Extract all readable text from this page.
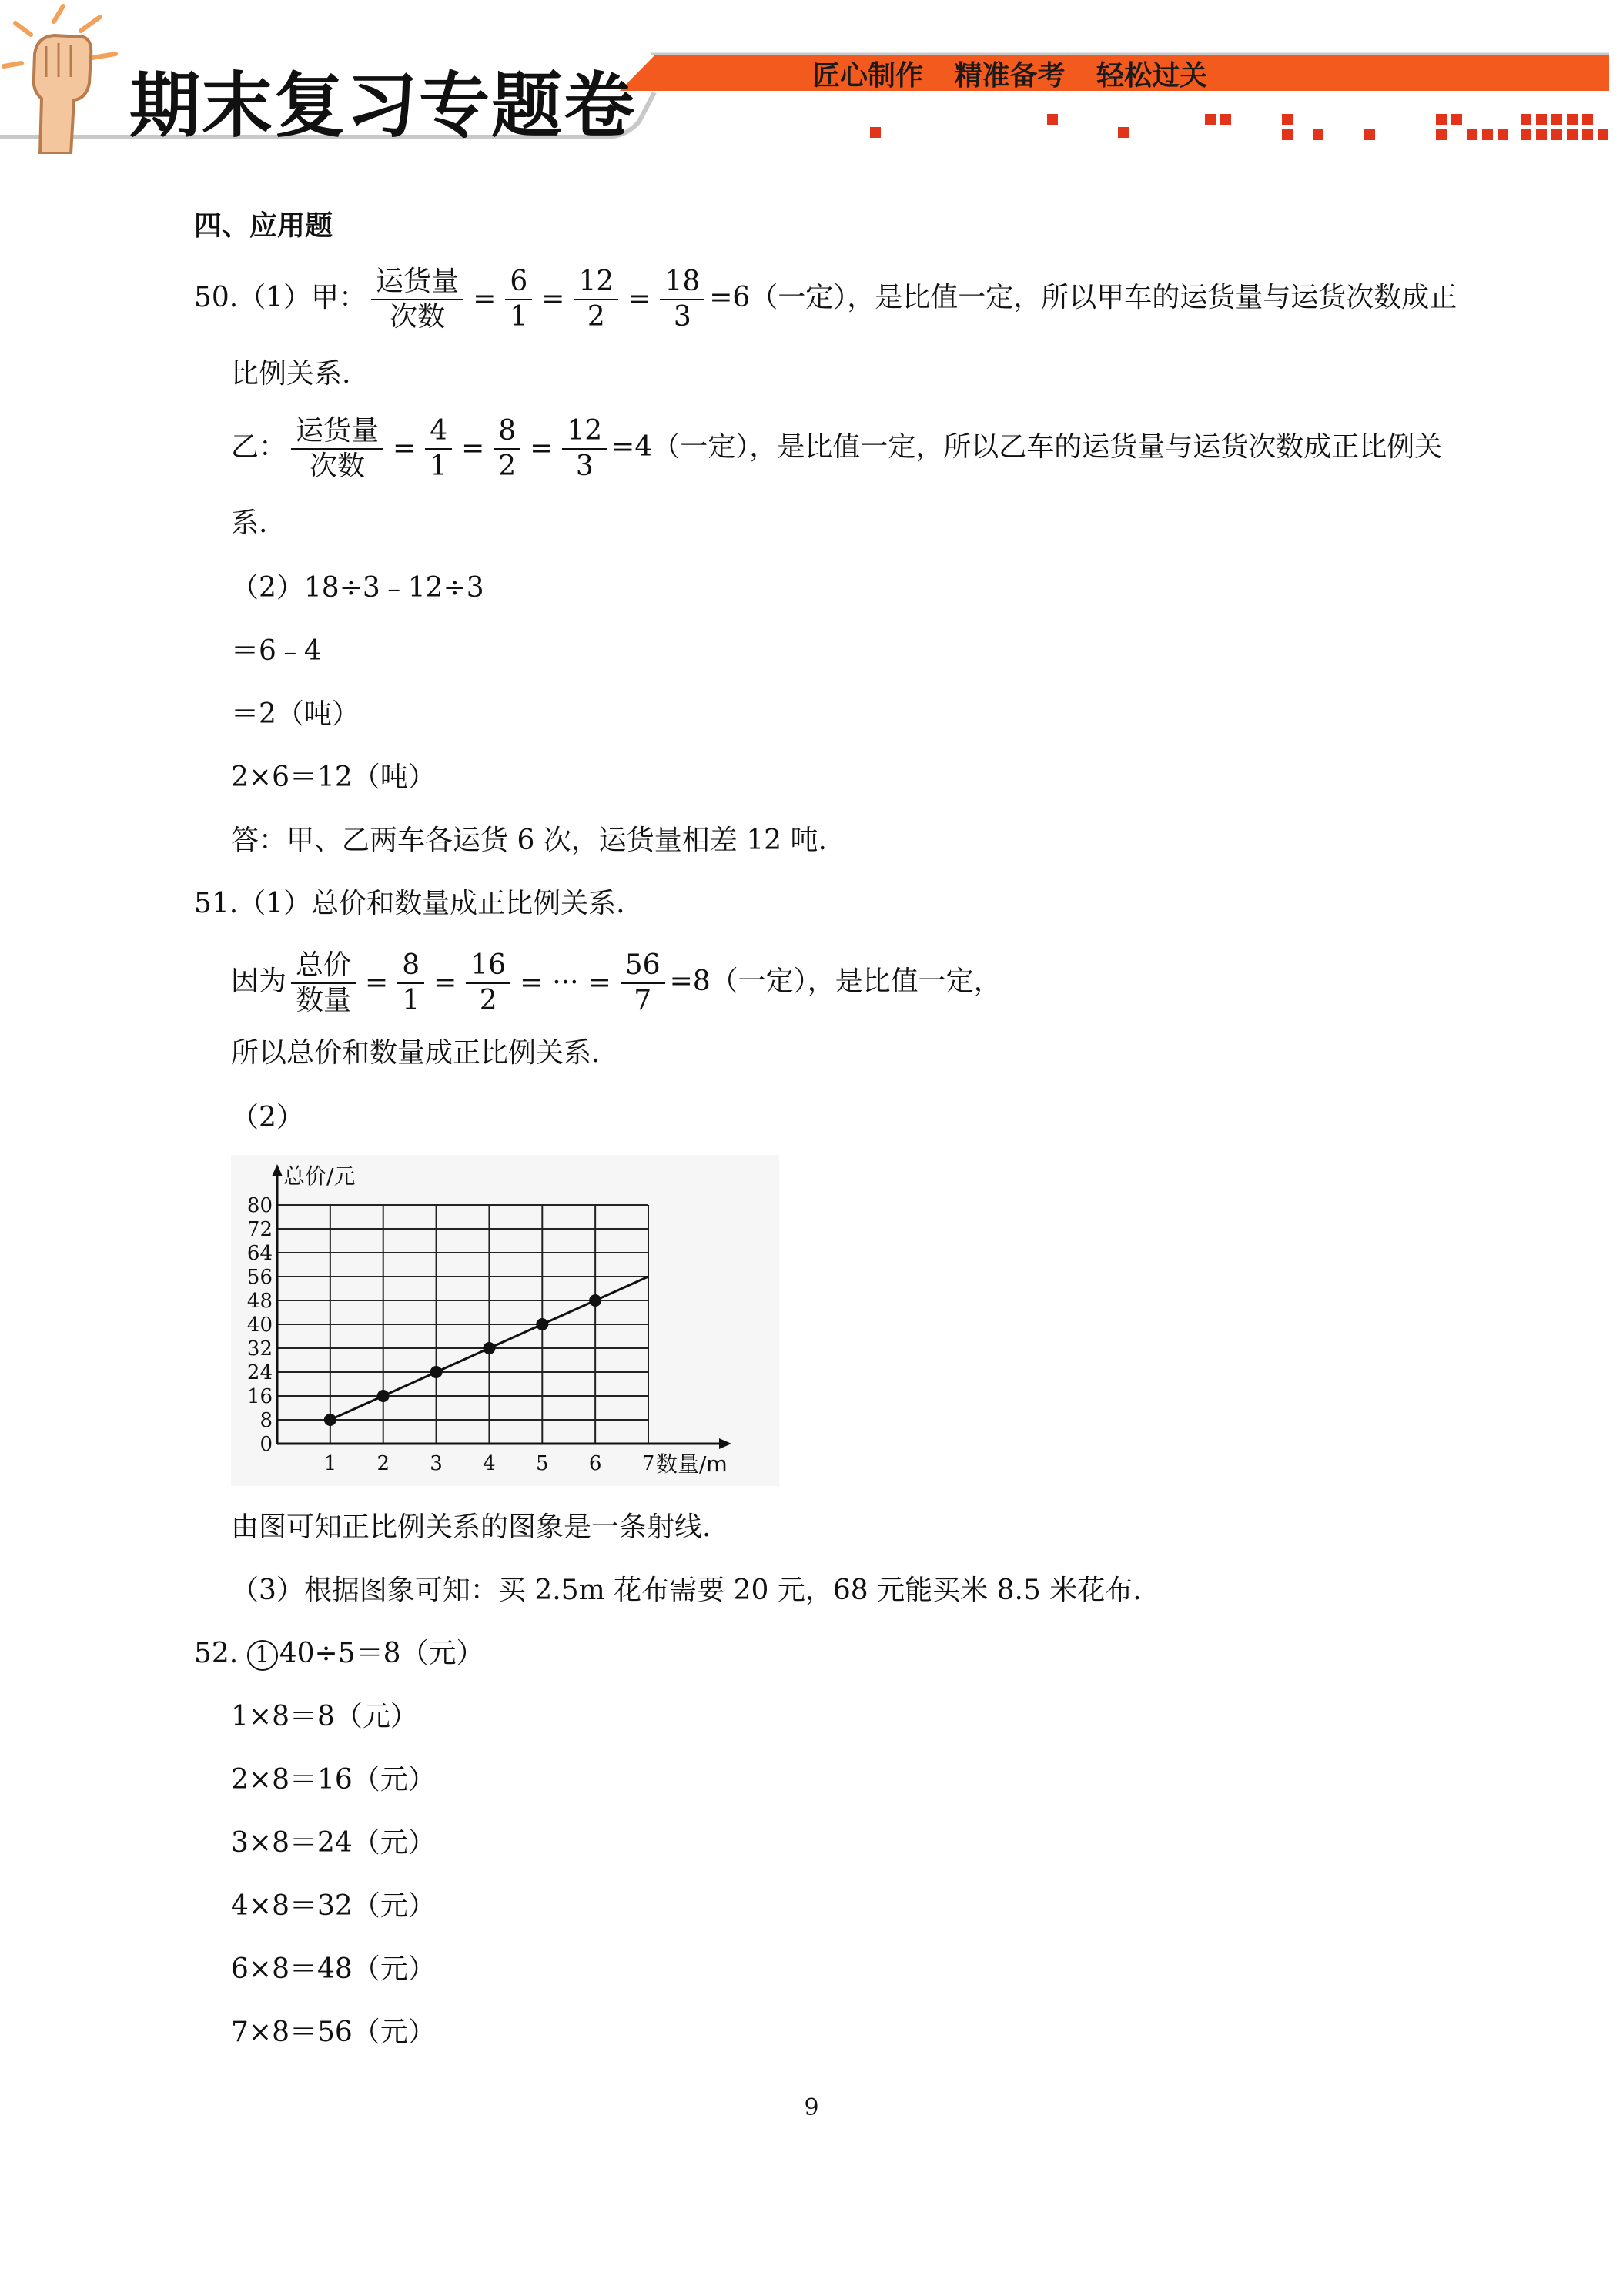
期末复习专题卷	匠心制作 精准备考 轻松过关
四、应用题
50.（1）甲：
运货量
次数
= $\frac{6}{1} = \frac{12}{2} = \frac{18}{3} =6$（一定），是比值一定，所以甲车的运货量与运货次数成正
比例关系.
乙：
运货量
次数
= $\frac{4}{1} = \frac{8}{2} = \frac{12}{3} =4$（一定），是比值一定，所以乙车的运货量与运货次数成正比例关
系.
（2）18÷3﹣12÷3
＝6﹣4
＝2（吨）
2×6＝12（吨）
答：甲、乙两车各运货 6 次，运货量相差 12 吨.
51.（1）总价和数量成正比例关系.
因为
总价
数量
= $\frac{8}{1} = \frac{16}{2}$ = ··· = $\frac{56}{7} =8$（一定），是比值一定，
所以总价和数量成正比例关系.
（2）
0
8
16
24
32
40
48
56
64
72
80
1 2 3 4 5 6 7
总价/元
数量/m
由图可知正比例关系的图象是一条射线.
（3）根据图象可知：买 2.5m 花布需要 20 元，68 元能买米 8.5 米花布.
52. 1 40÷5＝8（元）
1×8＝8（元）
2×8＝16（元）
3×8＝24（元）
4×8＝32（元）
6×8＝48（元）
7×8＝56（元）
9
